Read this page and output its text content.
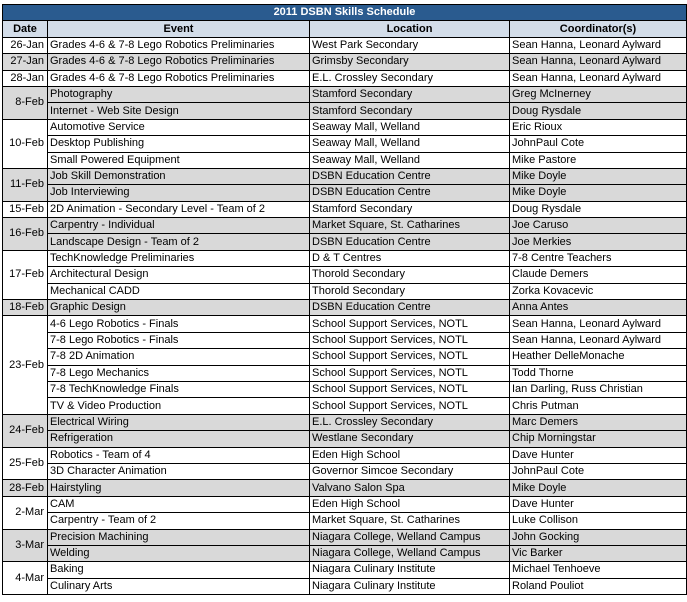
2011 DSBN Skills Schedule			
Date	Event	Location	Coordinator(s)
26-Jan	Grades 4-6 & 7-8 Lego Robotics Preliminaries	West Park Secondary	Sean Hanna, Leonard Aylward
27-Jan	Grades 4-6 & 7-8 Lego Robotics Preliminaries	Grimsby Secondary	Sean Hanna, Leonard Aylward
28-Jan	Grades 4-6 & 7-8 Lego Robotics Preliminaries	E.L. Crossley Secondary	Sean Hanna, Leonard Aylward
8-Feb	Photography	Stamford Secondary	Greg McInerney
	Internet - Web Site Design	Stamford Secondary	Doug Rysdale
10-Feb	Automotive Service	Seaway Mall, Welland	Eric Rioux
	Desktop Publishing	Seaway Mall, Welland	JohnPaul Cote
	Small Powered Equipment	Seaway Mall, Welland	Mike Pastore
11-Feb	Job Skill Demonstration	DSBN Education Centre	Mike Doyle
	Job Interviewing	DSBN Education Centre	Mike Doyle
15-Feb	2D Animation - Secondary Level - Team of 2	Stamford Secondary	Doug Rysdale
16-Feb	Carpentry - Individual	Market Square, St. Catharines	Joe Caruso
	Landscape Design - Team of 2	DSBN Education Centre	Joe Merkies
17-Feb	TechKnowledge Preliminaries	D & T Centres	7-8 Centre Teachers
	Architectural Design	Thorold Secondary	Claude Demers
	Mechanical CADD	Thorold Secondary	Zorka Kovacevic
18-Feb	Graphic Design	DSBN Education Centre	Anna Antes
23-Feb	4-6 Lego Robotics - Finals	School Support Services, NOTL	Sean Hanna, Leonard Aylward
	7-8 Lego Robotics - Finals	School Support Services, NOTL	Sean Hanna, Leonard Aylward
	7-8 2D Animation	School Support Services, NOTL	Heather DelleMonache
	7-8 Lego Mechanics	School Support Services, NOTL	Todd Thorne
	7-8 TechKnowledge Finals	School Support Services, NOTL	Ian Darling, Russ Christian
	TV & Video Production	School Support Services, NOTL	Chris Putman
24-Feb	Electrical Wiring	E.L. Crossley Secondary	Marc Demers
	Refrigeration	Westlane Secondary	Chip Morningstar
25-Feb	Robotics - Team of 4	Eden High School	Dave Hunter
	3D Character Animation	Governor Simcoe Secondary	JohnPaul Cote
28-Feb	Hairstyling	Valvano Salon Spa	Mike Doyle
2-Mar	CAM	Eden High School	Dave Hunter
	Carpentry - Team of 2	Market Square, St. Catharines	Luke Collison
3-Mar	Precision Machining	Niagara College, Welland Campus	John Gocking
	Welding	Niagara College, Welland Campus	Vic Barker
4-Mar	Baking	Niagara Culinary Institute	Michael Tenhoeve
	Culinary Arts	Niagara Culinary Institute	Roland Pouliot
